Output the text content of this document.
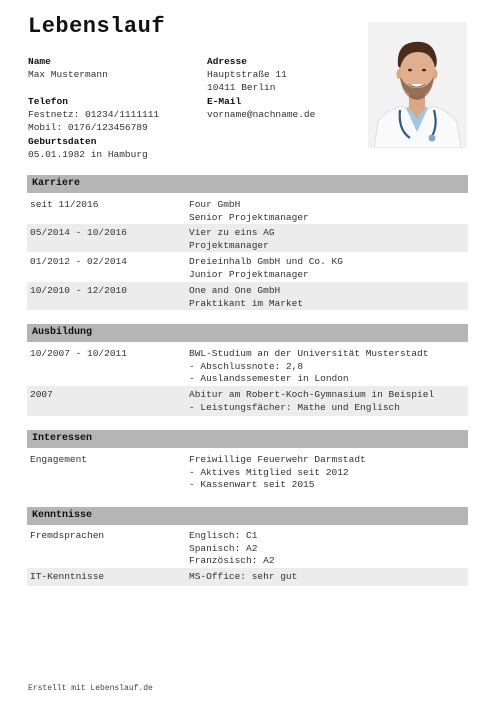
Lebenslauf
Name
Max Mustermann
Telefon
Festnetz: 01234/1111111
Mobil: 0176/123456789
Geburtsdaten
05.01.1982 in Hamburg
Adresse
Hauptstraße 11
10411 Berlin
E-Mail
vorname@nachname.de
Karriere
seit 11/2016	Four GmbH
Senior Projektmanager
05/2014 - 10/2016	Vier zu eins AG
Projektmanager
01/2012 - 02/2014	Dreieinhalb GmbH und Co. KG
Junior Projektmanager
10/2010 - 12/2010	One and One GmbH
Praktikant im Market
Ausbildung
10/2007 - 10/2011	BWL-Studium an der Universität Musterstadt
- Abschlussnote: 2,8
- Auslandssemester in London
2007	Abitur am Robert-Koch-Gymnasium in Beispiel
- Leistungsfächer: Mathe und Englisch
Interessen
Engagement	Freiwillige Feuerwehr Darmstadt
- Aktives Mitglied seit 2012
- Kassenwart seit 2015
Kenntnisse
Fremdsprachen	Englisch: C1
Spanisch: A2
Französisch: A2
IT-Kenntnisse	MS-Office: sehr gut
Erstellt mit Lebenslauf.de
